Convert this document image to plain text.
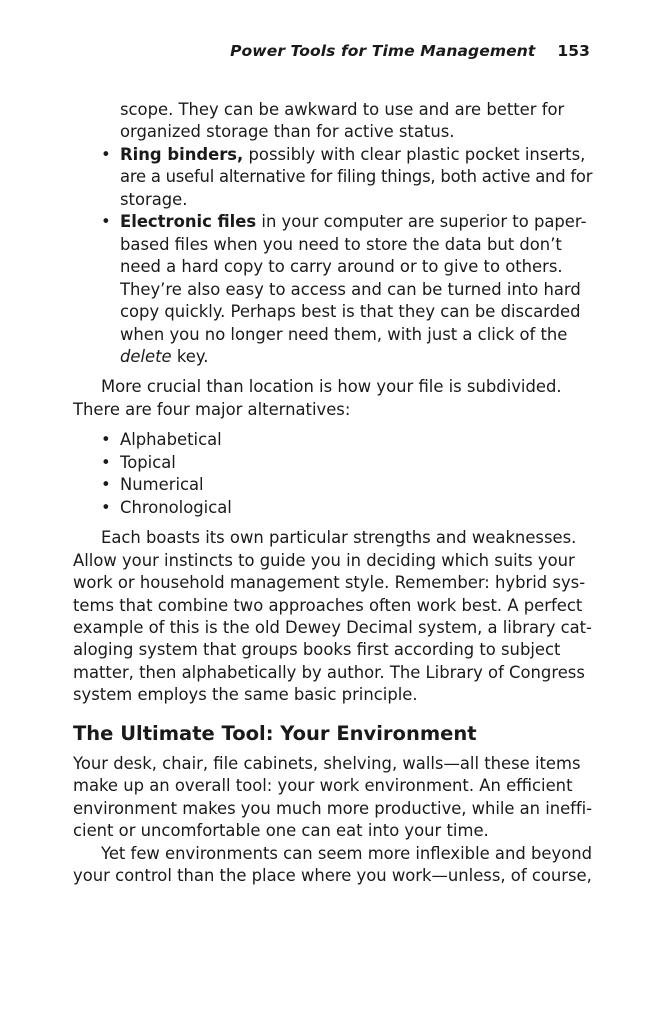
Power Tools for Time Management 153
scope. They can be awkward to use and are better for
organized storage than for active status.
• Ring binders, possibly with clear plastic pocket inserts,
are a useful alternative for filing things, both active and for
storage.
• Electronic files in your computer are superior to paper-
based files when you need to store the data but don’t
need a hard copy to carry around or to give to others.
They’re also easy to access and can be turned into hard
copy quickly. Perhaps best is that they can be discarded
when you no longer need them, with just a click of the
delete key.
More crucial than location is how your file is subdivided.
There are four major alternatives:
• Alphabetical
• Topical
• Numerical
• Chronological
Each boasts its own particular strengths and weaknesses.
Allow your instincts to guide you in deciding which suits your
work or household management style. Remember: hybrid sys-
tems that combine two approaches often work best. A perfect
example of this is the old Dewey Decimal system, a library cat-
aloging system that groups books first according to subject
matter, then alphabetically by author. The Library of Congress
system employs the same basic principle.
The Ultimate Tool: Your Environment
Your desk, chair, file cabinets, shelving, walls—all these items
make up an overall tool: your work environment. An efficient
environment makes you much more productive, while an ineffi-
cient or uncomfortable one can eat into your time.
Yet few environments can seem more inflexible and beyond
your control than the place where you work—unless, of course,
